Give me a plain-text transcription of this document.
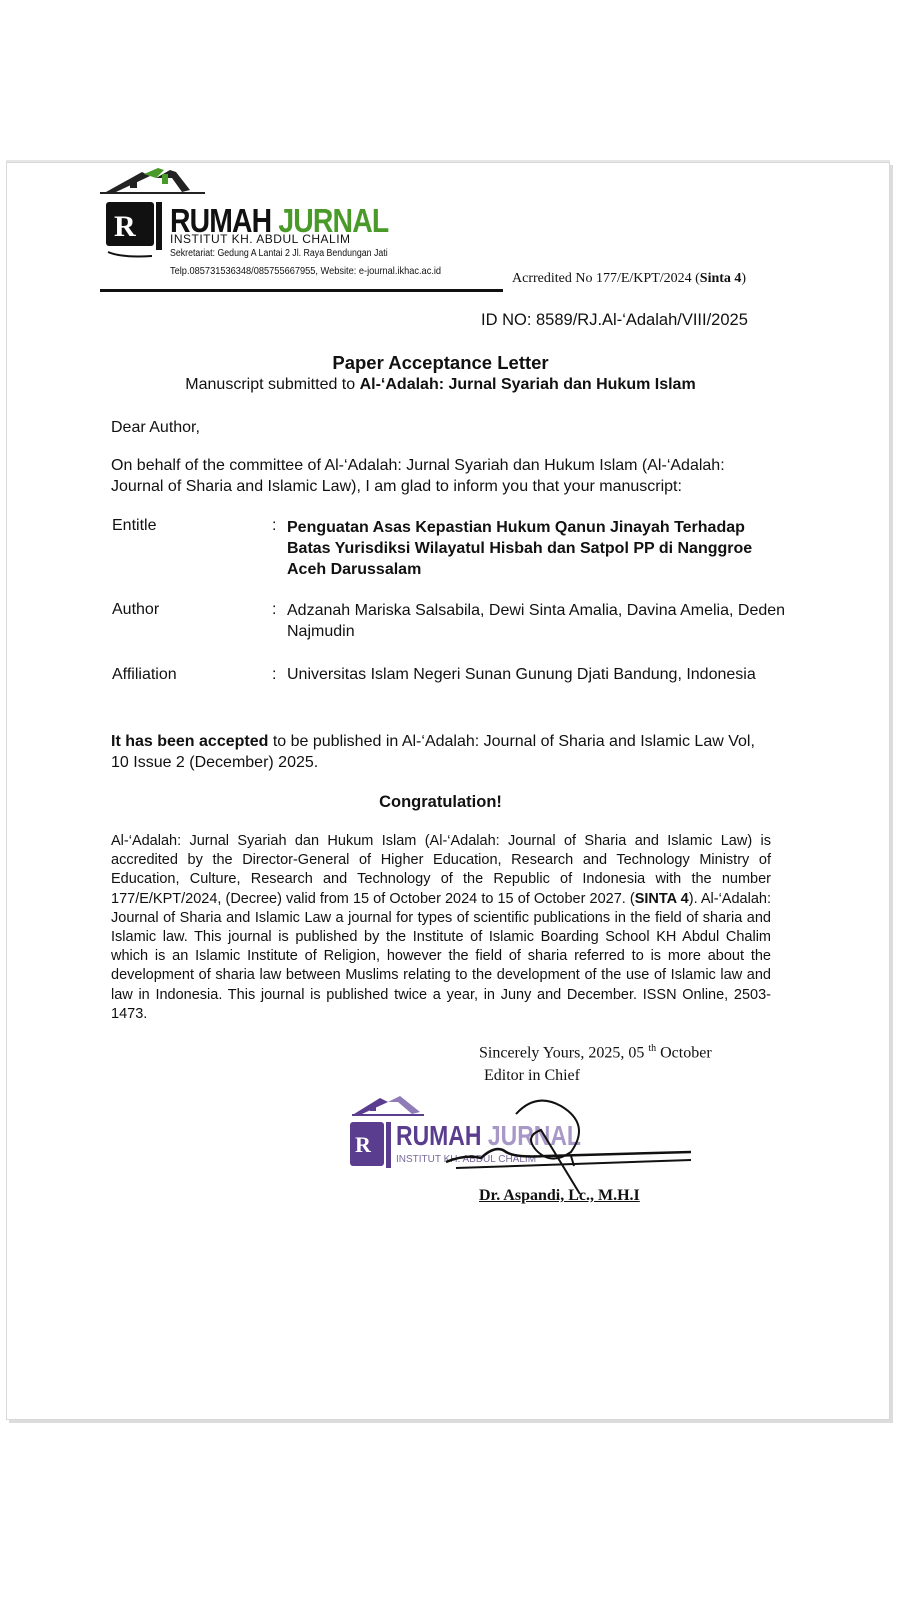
R RUMAH JURNAL
INSTITUT KH. ABDUL CHALIM
Sekretariat: Gedung A Lantai 2 Jl. Raya Bendungan Jati
Telp.085731536348/085755667955, Website: e-journal.ikhac.ac.id	Acrredited No 177/E/KPT/2024 (Sinta 4)
ID NO: 8589/RJ.Al-‘Adalah/VIII/2025
Paper Acceptance Letter
Manuscript submitted to Al-‘Adalah: Jurnal Syariah dan Hukum Islam
Dear Author,
On behalf of the committee of Al-‘Adalah: Jurnal Syariah dan Hukum Islam (Al-‘Adalah: Journal of Sharia and Islamic Law), I am glad to inform you that your manuscript:
Entitle	: Penguatan Asas Kepastian Hukum Qanun Jinayah Terhadap Batas Yurisdiksi Wilayatul Hisbah dan Satpol PP di Nanggroe Aceh Darussalam
Author	: Adzanah Mariska Salsabila, Dewi Sinta Amalia, Davina Amelia, Deden Najmudin
Affiliation	: Universitas Islam Negeri Sunan Gunung Djati Bandung, Indonesia
It has been accepted to be published in Al-‘Adalah: Journal of Sharia and Islamic Law Vol, 10 Issue 2 (December) 2025.
Congratulation!
Al-‘Adalah: Jurnal Syariah dan Hukum Islam (Al-‘Adalah: Journal of Sharia and Islamic Law) is accredited by the Director-General of Higher Education, Research and Technology Ministry of Education, Culture, Research and Technology of the Republic of Indonesia with the number 177/E/KPT/2024, (Decree) valid from 15 of October 2024 to 15 of October 2027. (SINTA 4). Al-‘Adalah: Journal of Sharia and Islamic Law a journal for types of scientific publications in the field of sharia and Islamic law. This journal is published by the Institute of Islamic Boarding School KH Abdul Chalim which is an Islamic Institute of Religion, however the field of sharia referred to is more about the development of sharia law between Muslims relating to the development of the use of Islamic law and law in Indonesia. This journal is published twice a year, in Juny and December. ISSN Online, 2503-1473.
Sincerely Yours, 2025, 05 $^{th}$ October
Editor in Chief
R RUMAH JURNAL
INSTITUT KH. ABDUL CHALIM
Dr. Aspandi, Lc., M.H.I
